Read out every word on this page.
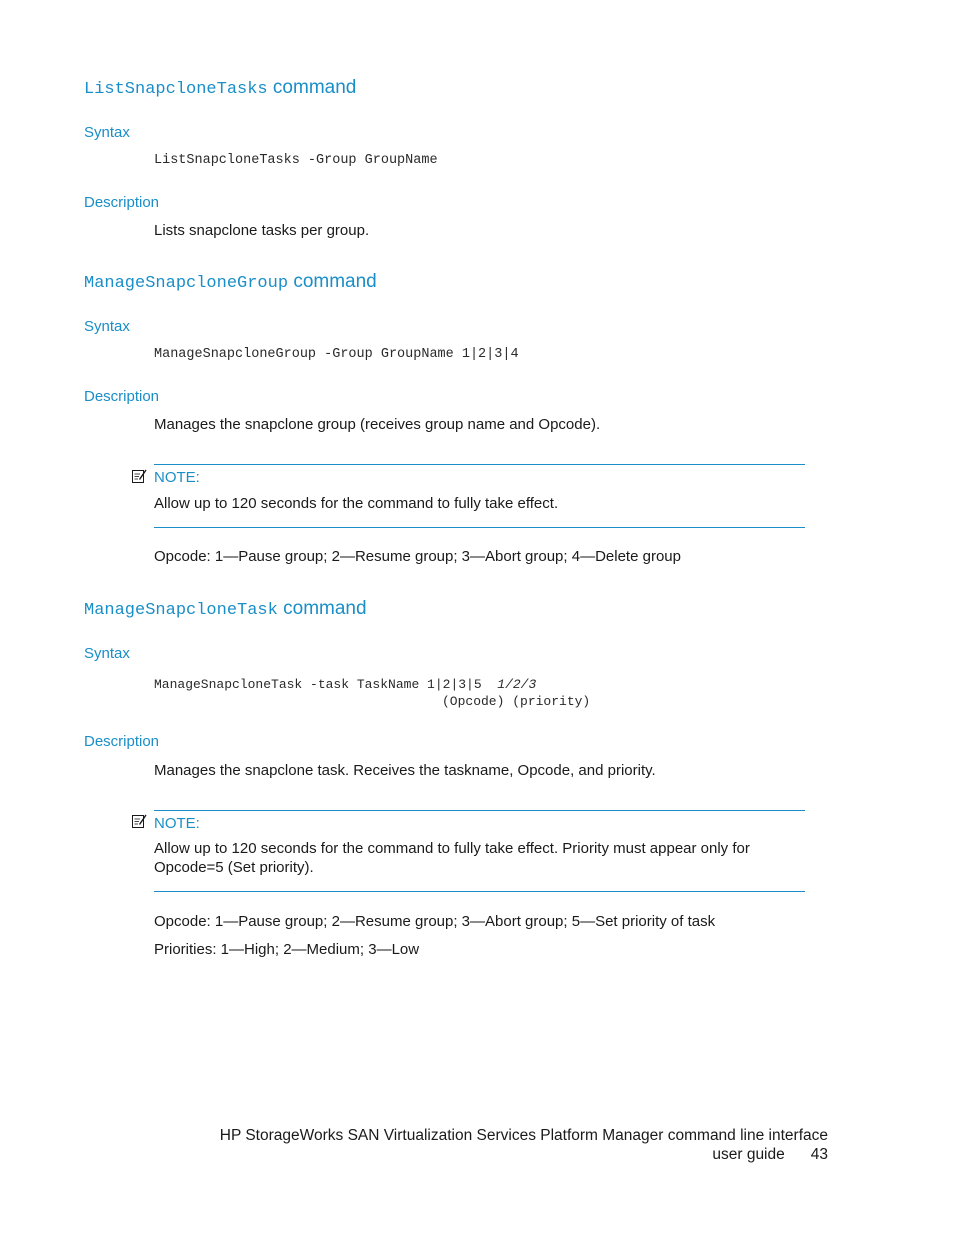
ListSnapcloneTasks command
Syntax
ListSnapcloneTasks -Group GroupName
Description
Lists snapclone tasks per group.
ManageSnapcloneGroup command
Syntax
ManageSnapcloneGroup -Group GroupName 1|2|3|4
Description
Manages the snapclone group (receives group name and Opcode).
NOTE:
Allow up to 120 seconds for the command to fully take effect.
Opcode: 1—Pause group; 2—Resume group; 3—Abort group; 4—Delete group
ManageSnapcloneTask command
Syntax
ManageSnapcloneTask -task TaskName 1|2|3|5  1/2/3
(Opcode) (priority)
Description
Manages the snapclone task. Receives the taskname, Opcode, and priority.
NOTE:
Allow up to 120 seconds for the command to fully take effect. Priority must appear only for Opcode=5 (Set priority).
Opcode: 1—Pause group; 2—Resume group; 3—Abort group; 5—Set priority of task
Priorities: 1—High; 2—Medium; 3—Low
HP StorageWorks SAN Virtualization Services Platform Manager command line interface user guide 43
